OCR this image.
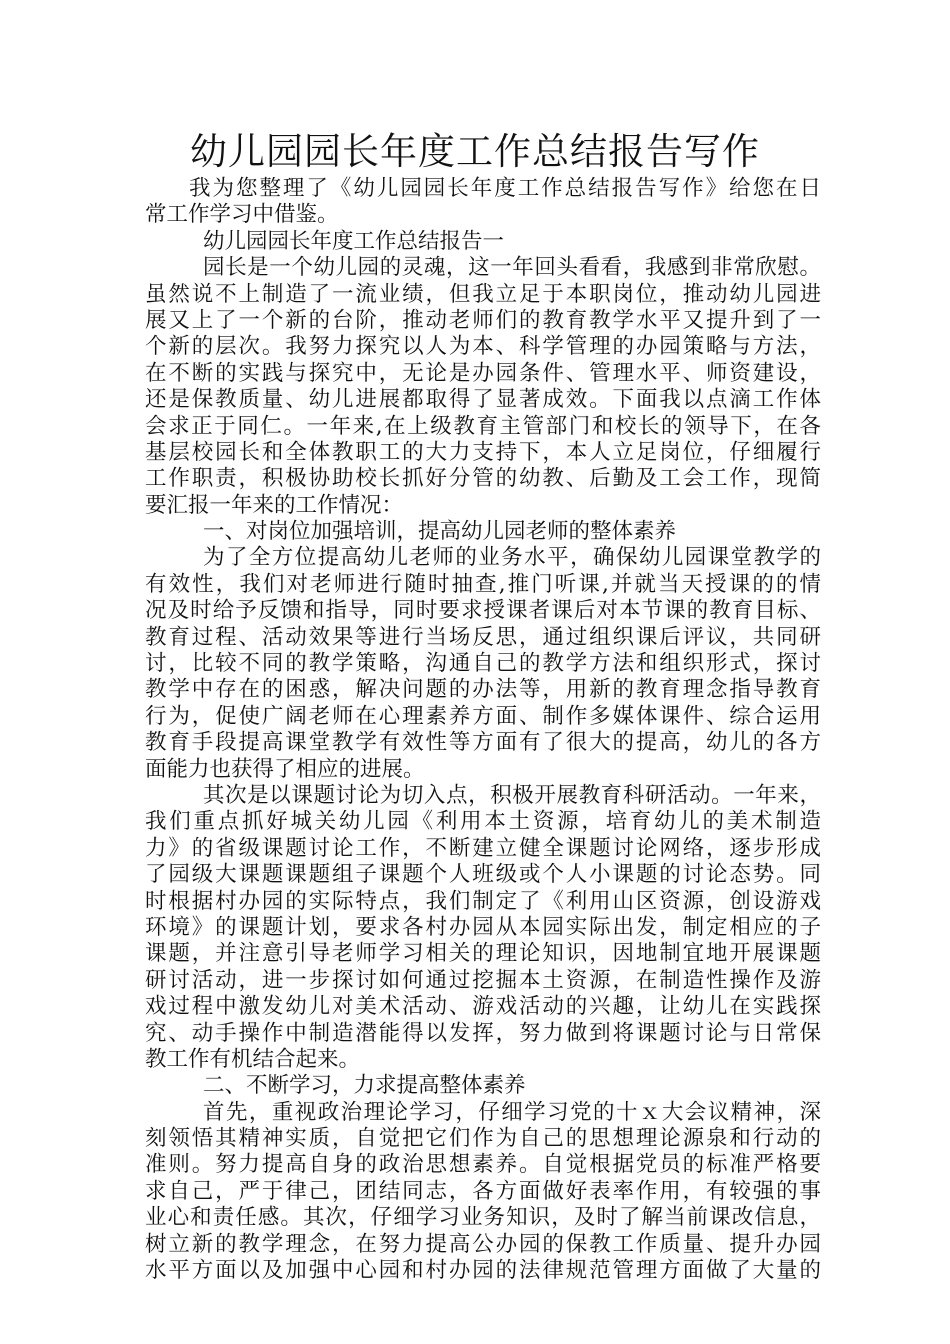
幼儿园园长年度工作总结报告写作
我为您整理了《幼儿园园长年度工作总结报告写作》给您在日
常工作学习中借鉴。
幼儿园园长年度工作总结报告一
园长是一个幼儿园的灵魂，这一年回头看看，我感到非常欣慰。
虽然说不上制造了一流业绩，但我立足于本职岗位，推动幼儿园进
展又上了一个新的台阶，推动老师们的教育教学水平又提升到了一
个新的层次。我努力探究以人为本、科学管理的办园策略与方法，
在不断的实践与探究中，无论是办园条件、管理水平、师资建设，
还是保教质量、幼儿进展都取得了显著成效。下面我以点滴工作体
会求正于同仁。一年来,在上级教育主管部门和校长的领导下，在各
基层校园长和全体教职工的大力支持下，本人立足岗位，仔细履行
工作职责，积极协助校长抓好分管的幼教、后勤及工会工作，现简
要汇报一年来的工作情况：
一、对岗位加强培训，提高幼儿园老师的整体素养
为了全方位提高幼儿老师的业务水平，确保幼儿园课堂教学的
有效性，我们对老师进行随时抽查,推门听课,并就当天授课的的情
况及时给予反馈和指导，同时要求授课者课后对本节课的教育目标、
教育过程、活动效果等进行当场反思，通过组织课后评议，共同研
讨，比较不同的教学策略，沟通自己的教学方法和组织形式，探讨
教学中存在的困惑，解决问题的办法等，用新的教育理念指导教育
行为，促使广阔老师在心理素养方面、制作多媒体课件、综合运用
教育手段提高课堂教学有效性等方面有了很大的提高，幼儿的各方
面能力也获得了相应的进展。
其次是以课题讨论为切入点，积极开展教育科研活动。一年来，
我们重点抓好城关幼儿园《利用本土资源，培育幼儿的美术制造
力》的省级课题讨论工作，不断建立健全课题讨论网络，逐步形成
了园级大课题课题组子课题个人班级或个人小课题的讨论态势。同
时根据村办园的实际特点，我们制定了《利用山区资源，创设游戏
环境》的课题计划，要求各村办园从本园实际出发，制定相应的子
课题，并注意引导老师学习相关的理论知识，因地制宜地开展课题
研讨活动，进一步探讨如何通过挖掘本土资源，在制造性操作及游
戏过程中激发幼儿对美术活动、游戏活动的兴趣，让幼儿在实践探
究、动手操作中制造潜能得以发挥，努力做到将课题讨论与日常保
教工作有机结合起来。
二、不断学习，力求提高整体素养
首先，重视政治理论学习，仔细学习党的十ｘ大会议精神，深
刻领悟其精神实质，自觉把它们作为自己的思想理论源泉和行动的
准则。努力提高自身的政治思想素养。自觉根据党员的标准严格要
求自己，严于律己，团结同志，各方面做好表率作用，有较强的事
业心和责任感。其次，仔细学习业务知识，及时了解当前课改信息，
树立新的教学理念，在努力提高公办园的保教工作质量、提升办园
水平方面以及加强中心园和村办园的法律规范管理方面做了大量的
